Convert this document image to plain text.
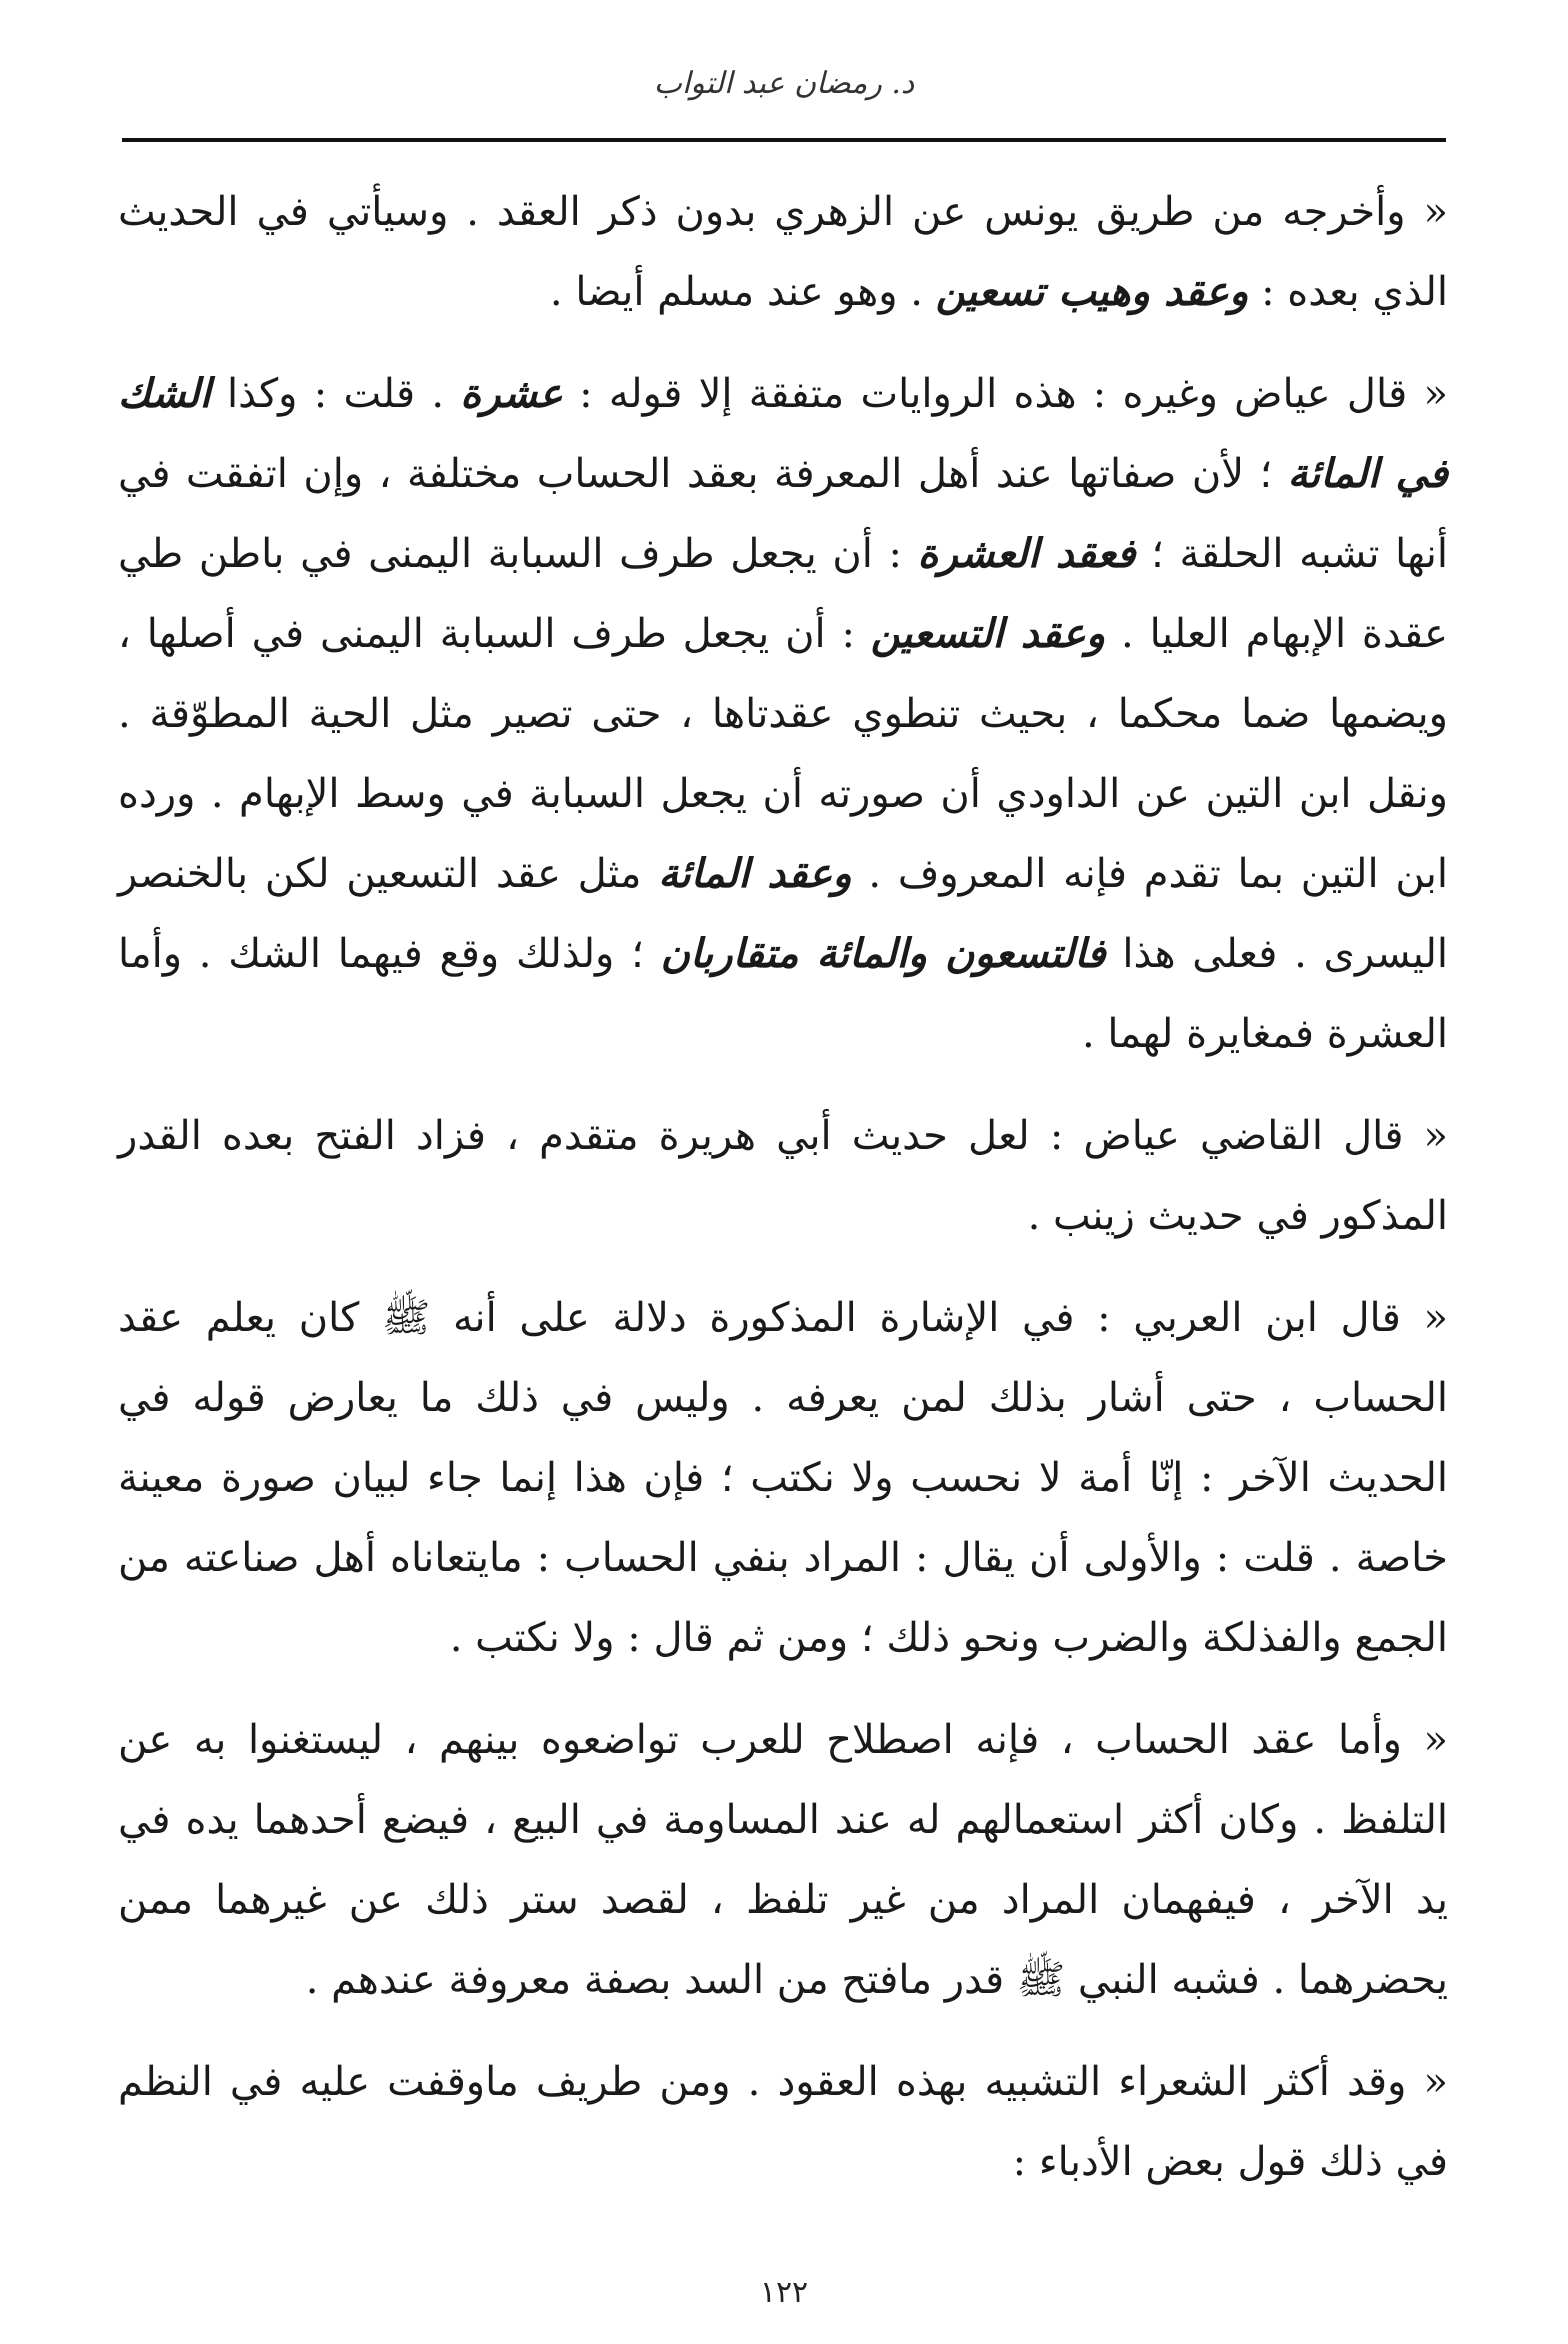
د. رمضان عبد التواب

« وأخرجه من طريق يونس عن الزهري بدون ذكر العقد . وسيأتي في الحديث الذي بعده : وعقد وهيب تسعين . وهو عند مسلم أيضا .

« قال عياض وغيره : هذه الروايات متفقة إلا قوله : عشرة . قلت : وكذا الشك في المائة ؛ لأن صفاتها عند أهل المعرفة بعقد الحساب مختلفة ، وإن اتفقت في أنها تشبه الحلقة ؛ فعقد العشرة : أن يجعل طرف السبابة اليمنى في باطن طي عقدة الإبهام العليا . وعقد التسعين : أن يجعل طرف السبابة اليمنى في أصلها ، ويضمها ضما محكما ، بحيث تنطوي عقدتاها ، حتى تصير مثل الحية المطوّقة . ونقل ابن التين عن الداودي أن صورته أن يجعل السبابة في وسط الإبهام . ورده ابن التين بما تقدم فإنه المعروف . وعقد المائة مثل عقد التسعين لكن بالخنصر اليسرى . فعلى هذا فالتسعون والمائة متقاربان ؛ ولذلك وقع فيهما الشك . وأما العشرة فمغايرة لهما .

« قال القاضي عياض : لعل حديث أبي هريرة متقدم ، فزاد الفتح بعده القدر المذكور في حديث زينب .

« قال ابن العربي : في الإشارة المذكورة دلالة على أنه ﷺ كان يعلم عقد الحساب ، حتى أشار بذلك لمن يعرفه . وليس في ذلك ما يعارض قوله في الحديث الآخر : إنّا أمة لا نحسب ولا نكتب ؛ فإن هذا إنما جاء لبيان صورة معينة خاصة . قلت : والأولى أن يقال : المراد بنفي الحساب : مايتعاناه أهل صناعته من الجمع والفذلكة والضرب ونحو ذلك ؛ ومن ثم قال : ولا نكتب .

« وأما عقد الحساب ، فإنه اصطلاح للعرب تواضعوه بينهم ، ليستغنوا به عن التلفظ . وكان أكثر استعمالهم له عند المساومة في البيع ، فيضع أحدهما يده في يد الآخر ، فيفهمان المراد من غير تلفظ ، لقصد ستر ذلك عن غيرهما ممن يحضرهما . فشبه النبي ﷺ قدر مافتح من السد بصفة معروفة عندهم .

« وقد أكثر الشعراء التشبيه بهذه العقود . ومن طريف ماوقفت عليه في النظم في ذلك قول بعض الأدباء :

١٢٢
